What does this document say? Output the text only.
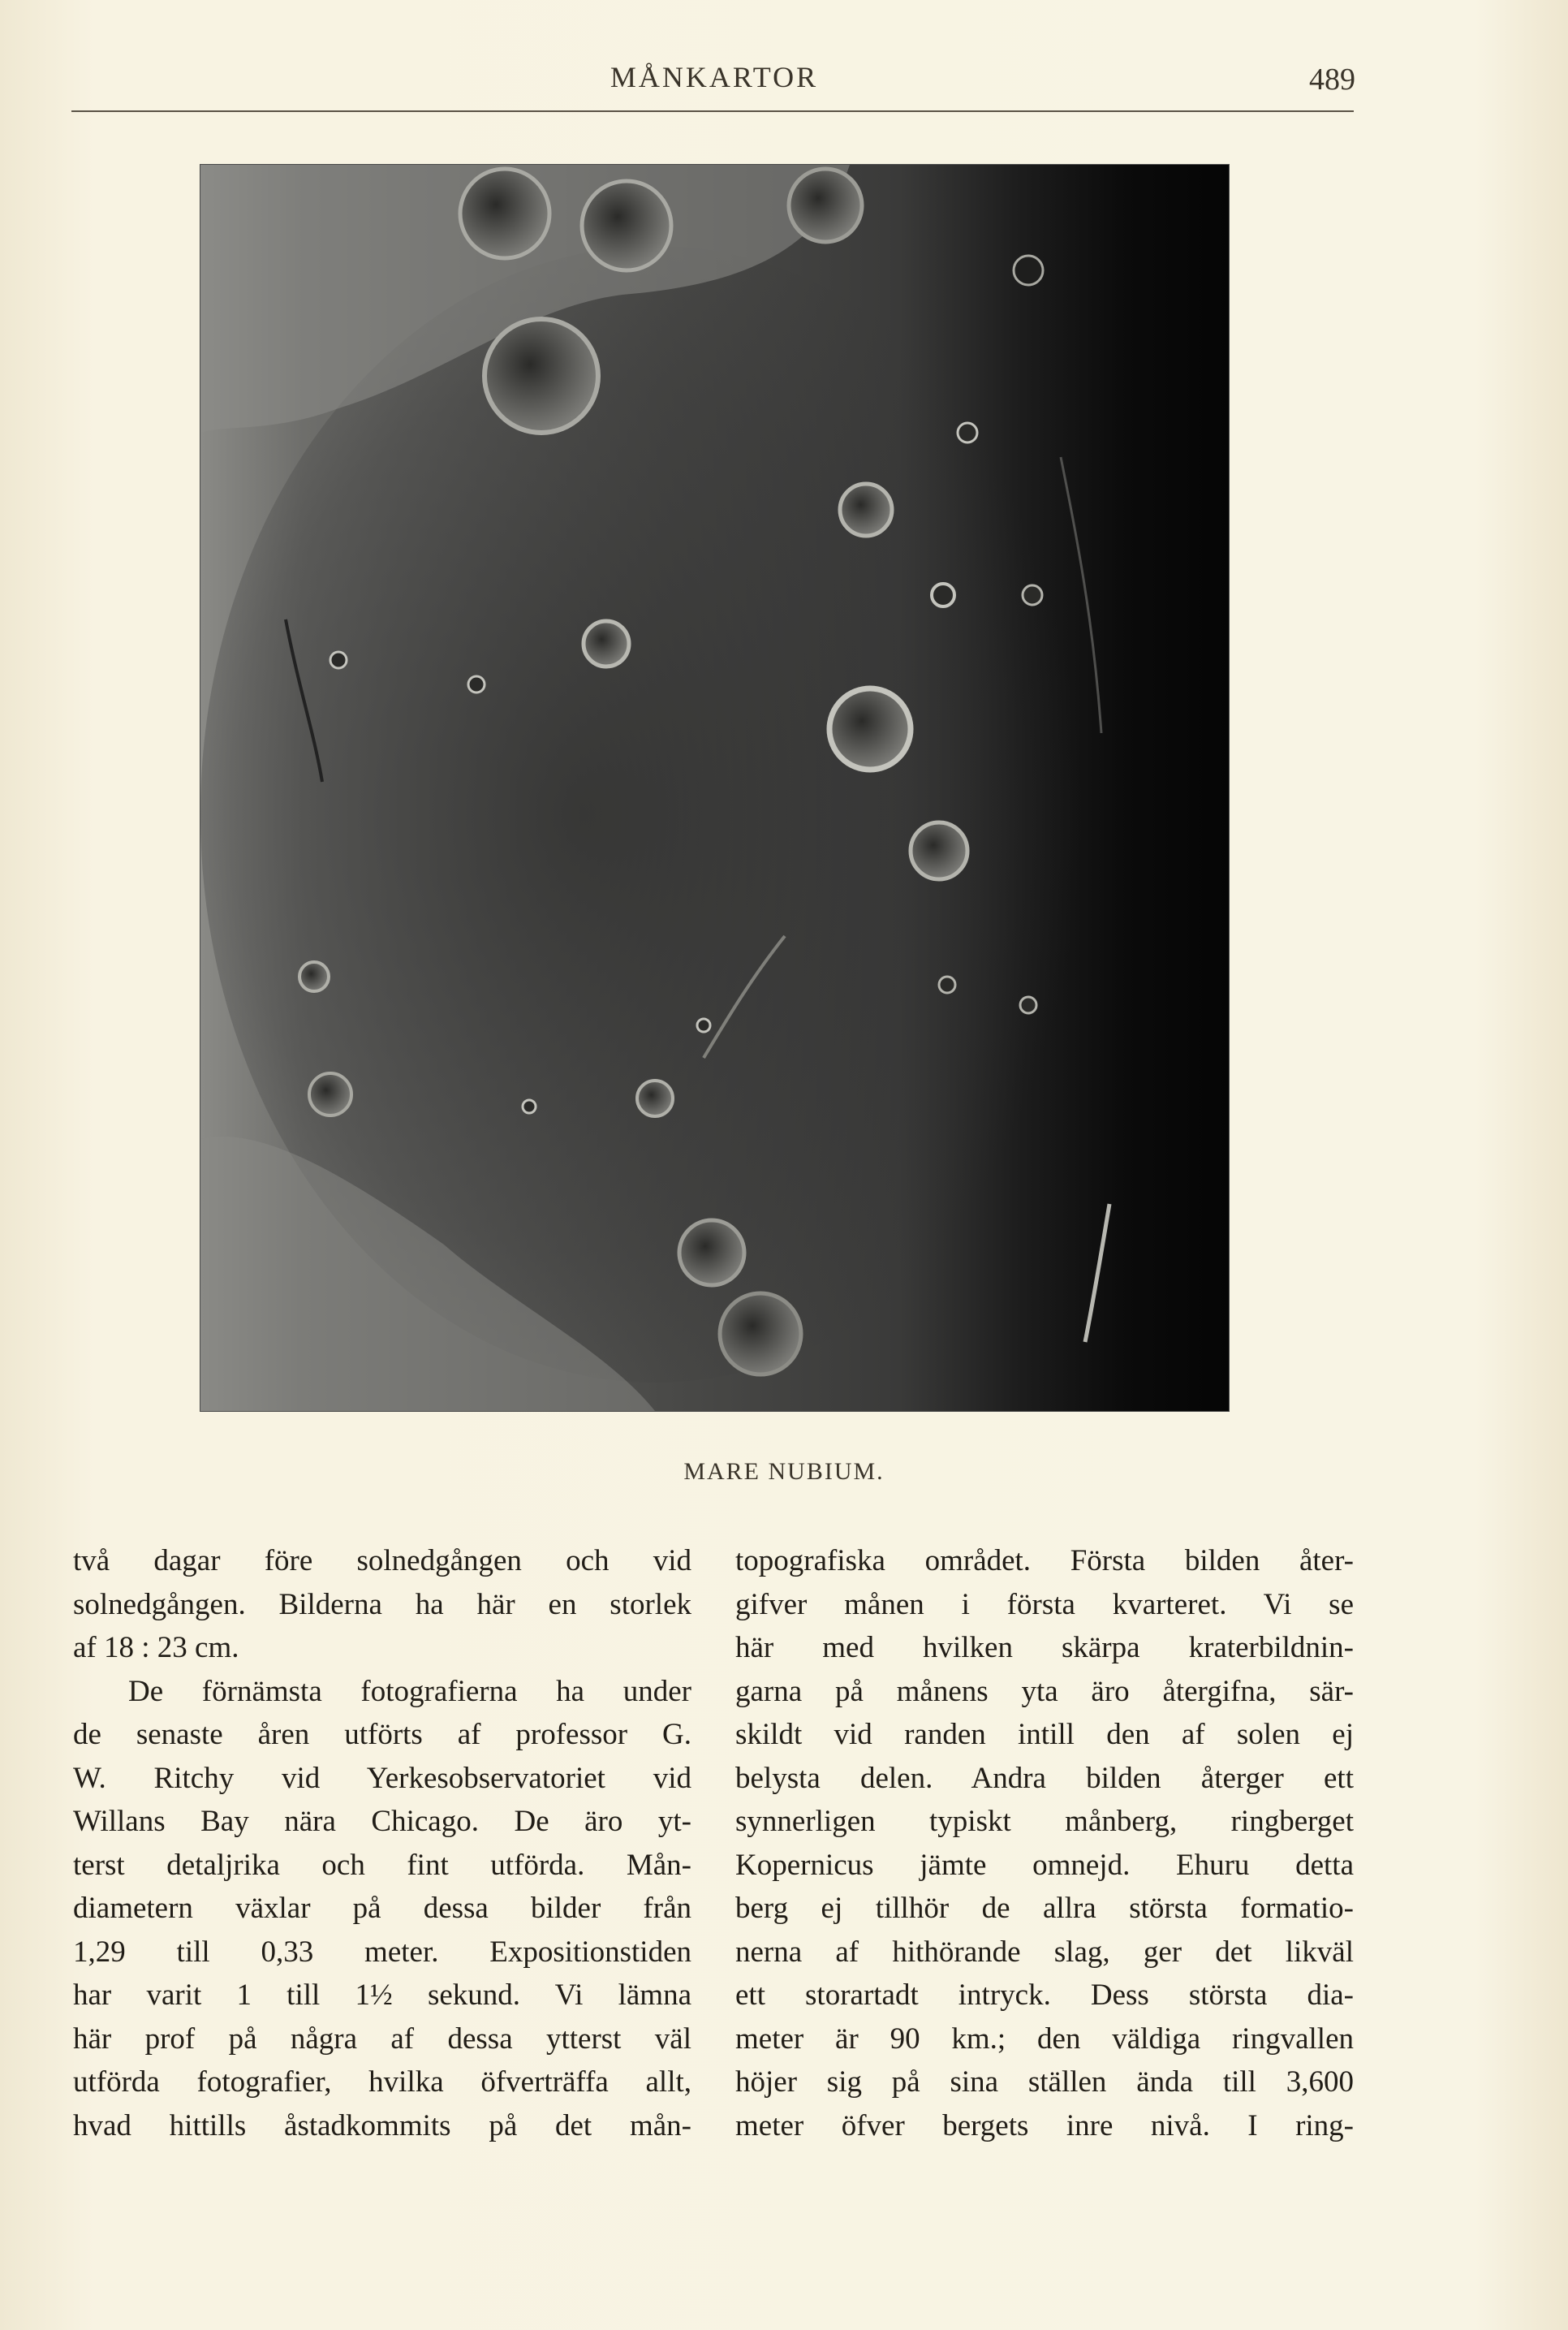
MÅNKARTOR	489
MARE NUBIUM.
två dagar före solnedgången och vid
solnedgången. Bilderna ha här en storlek
af 18 : 23 cm.
De förnämsta fotografierna ha under
de senaste åren utförts af professor G.
W. Ritchy vid Yerkesobservatoriet vid
Willans Bay nära Chicago. De äro yt-
terst detaljrika och fint utförda. Mån-
diametern växlar på dessa bilder från
1,29 till 0,33 meter. Expositionstiden
har varit 1 till 1½ sekund. Vi lämna
här prof på några af dessa ytterst väl
utförda fotografier, hvilka öfverträffa allt,
hvad hittills åstadkommits på det mån-
topografiska området. Första bilden åter-
gifver månen i första kvarteret. Vi se
här med hvilken skärpa kraterbildnin-
garna på månens yta äro återgifna, sär-
skildt vid randen intill den af solen ej
belysta delen. Andra bilden återger ett
synnerligen typiskt månberg, ringberget
Kopernicus jämte omnejd. Ehuru detta
berg ej tillhör de allra största formatio-
nerna af hithörande slag, ger det likväl
ett storartadt intryck. Dess största dia-
meter är 90 km.; den väldiga ringvallen
höjer sig på sina ställen ända till 3,600
meter öfver bergets inre nivå. I ring-
